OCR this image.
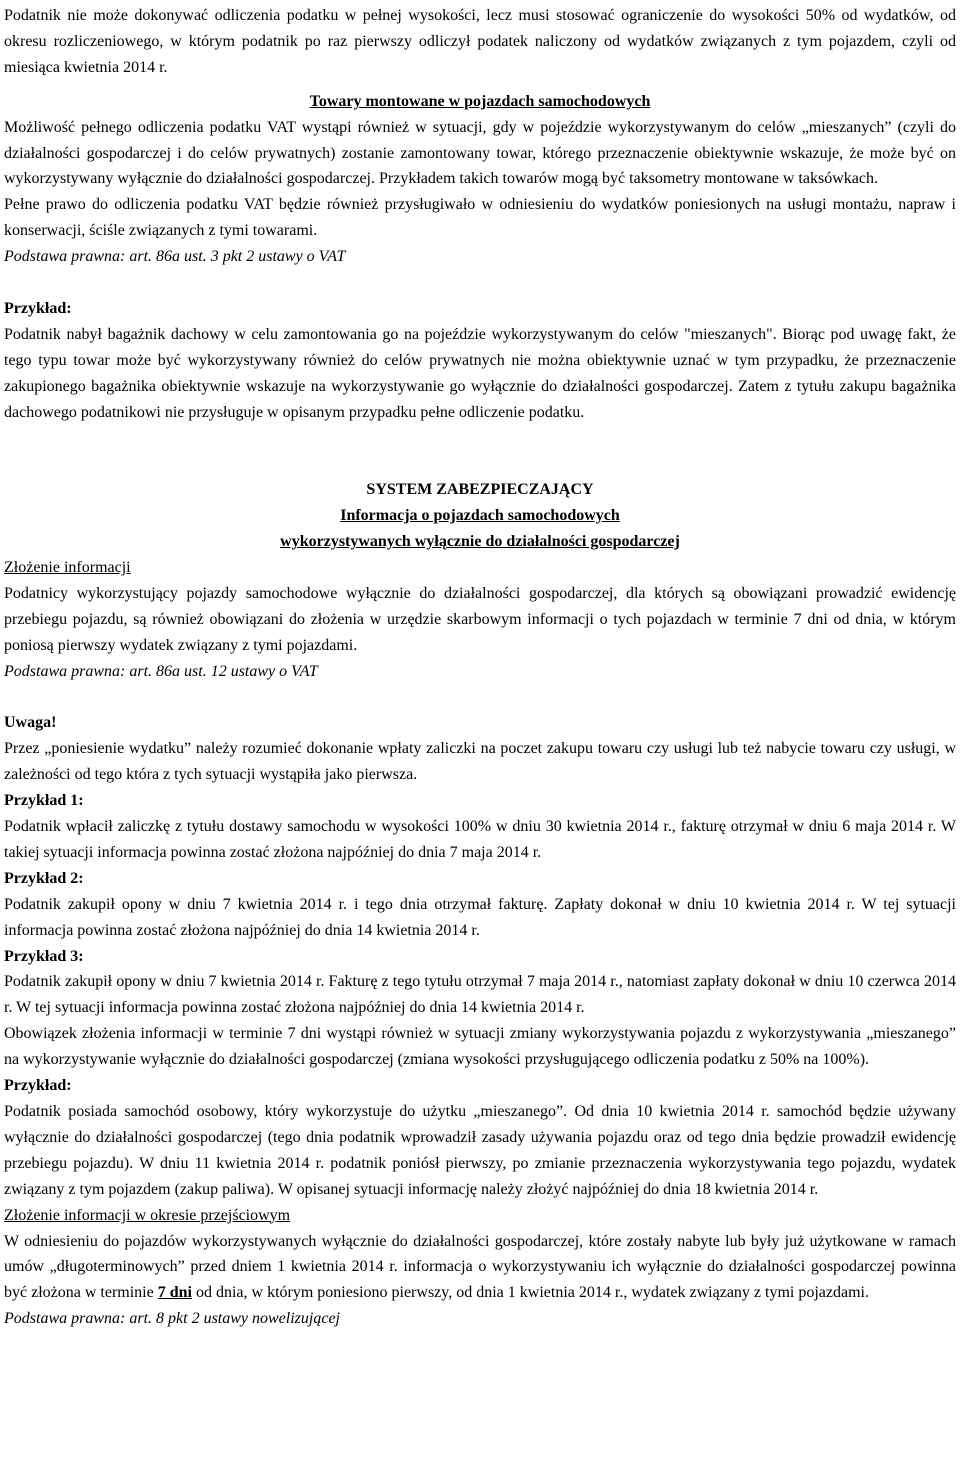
Podatnik nie może dokonywać odliczenia podatku w pełnej wysokości, lecz musi stosować ograniczenie do wysokości 50% od wydatków, od okresu rozliczeniowego, w którym podatnik po raz pierwszy odliczył podatek naliczony od wydatków związanych z tym pojazdem, czyli od miesiąca kwietnia 2014 r.

Towary montowane w pojazdach samochodowych

Możliwość pełnego odliczenia podatku VAT wystąpi również w sytuacji, gdy w pojeździe wykorzystywanym do celów „mieszanych” (czyli do działalności gospodarczej i do celów prywatnych) zostanie zamontowany towar, którego przeznaczenie obiektywnie wskazuje, że może być on wykorzystywany wyłącznie do działalności gospodarczej. Przykładem takich towarów mogą być taksometry montowane w taksówkach.

Pełne prawo do odliczenia podatku VAT będzie również przysługiwało w odniesieniu do wydatków poniesionych na usługi montażu, napraw i konserwacji, ściśle związanych z tymi towarami.

Podstawa prawna: art. 86a ust. 3 pkt 2 ustawy o VAT

Przykład:

Podatnik nabył bagażnik dachowy w celu zamontowania go na pojeździe wykorzystywanym do celów "mieszanych". Biorąc pod uwagę fakt, że tego typu towar może być wykorzystywany również do celów prywatnych nie można obiektywnie uznać w tym przypadku, że przeznaczenie zakupionego bagażnika obiektywnie wskazuje na wykorzystywanie go wyłącznie do działalności gospodarczej. Zatem z tytułu zakupu bagażnika dachowego podatnikowi nie przysługuje w opisanym przypadku pełne odliczenie podatku.

SYSTEM ZABEZPIECZAJĄCY

Informacja o pojazdach samochodowych

wykorzystywanych wyłącznie do działalności gospodarczej

Złożenie informacji

Podatnicy wykorzystujący pojazdy samochodowe wyłącznie do działalności gospodarczej, dla których są obowiązani prowadzić ewidencję przebiegu pojazdu, są również obowiązani do złożenia w urzędzie skarbowym informacji o tych pojazdach w terminie 7 dni od dnia, w którym poniosą pierwszy wydatek związany z tymi pojazdami.

Podstawa prawna: art. 86a ust. 12 ustawy o VAT

Uwaga!

Przez „poniesienie wydatku” należy rozumieć dokonanie wpłaty zaliczki na poczet zakupu towaru czy usługi lub też nabycie towaru czy usługi, w zależności od tego która z tych sytuacji wystąpiła jako pierwsza.

Przykład 1:

Podatnik wpłacił zaliczkę z tytułu dostawy samochodu w wysokości 100% w dniu 30 kwietnia 2014 r., fakturę otrzymał w dniu 6 maja 2014 r. W takiej sytuacji informacja powinna zostać złożona najpóźniej do dnia 7 maja 2014 r.

Przykład 2:

Podatnik zakupił opony w dniu 7 kwietnia 2014 r. i tego dnia otrzymał fakturę. Zapłaty dokonał w dniu 10 kwietnia 2014 r. W tej sytuacji informacja powinna zostać złożona najpóźniej do dnia 14 kwietnia 2014 r.

Przykład 3:

Podatnik zakupił opony w dniu 7 kwietnia 2014 r. Fakturę z tego tytułu otrzymał 7 maja 2014 r., natomiast zapłaty dokonał w dniu 10 czerwca 2014 r. W tej sytuacji informacja powinna zostać złożona najpóźniej do dnia 14 kwietnia 2014 r.

Obowiązek złożenia informacji w terminie 7 dni wystąpi również w sytuacji zmiany wykorzystywania pojazdu z wykorzystywania „mieszanego” na wykorzystywanie wyłącznie do działalności gospodarczej (zmiana wysokości przysługującego odliczenia podatku z 50% na 100%).

Przykład:

Podatnik posiada samochód osobowy, który wykorzystuje do użytku „mieszanego”. Od dnia 10 kwietnia 2014 r. samochód będzie używany wyłącznie do działalności gospodarczej (tego dnia podatnik wprowadził zasady używania pojazdu oraz od tego dnia będzie prowadził ewidencję przebiegu pojazdu). W dniu 11 kwietnia 2014 r. podatnik poniósł pierwszy, po zmianie przeznaczenia wykorzystywania tego pojazdu, wydatek związany z tym pojazdem (zakup paliwa). W opisanej sytuacji informację należy złożyć najpóźniej do dnia 18 kwietnia 2014 r.

Złożenie informacji w okresie przejściowym

W odniesieniu do pojazdów wykorzystywanych wyłącznie do działalności gospodarczej, które zostały nabyte lub były już użytkowane w ramach umów „długoterminowych” przed dniem 1 kwietnia 2014 r. informacja o wykorzystywaniu ich wyłącznie do działalności gospodarczej powinna być złożona w terminie 7 dni od dnia, w którym poniesiono pierwszy, od dnia 1 kwietnia 2014 r., wydatek związany z tymi pojazdami.

Podstawa prawna: art. 8 pkt 2 ustawy nowelizującej
